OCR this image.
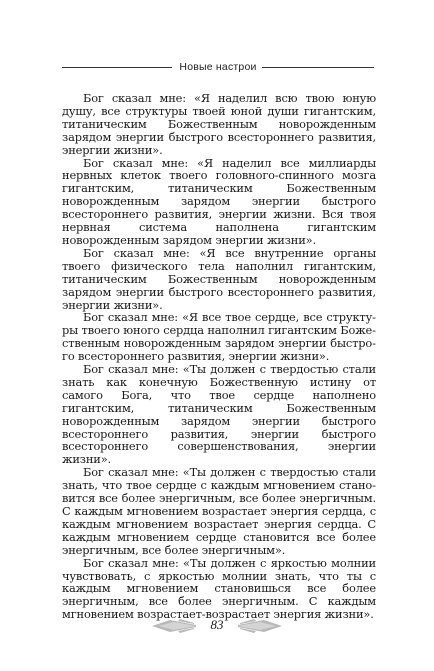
Новые настрои

Бог сказал мне: «Я наделил всю твою юную душу, все структуры твоей юной души гигантским, титаническим Божественным новорожденным зарядом энергии быстрого всестороннего развития, энергии жизни».

Бог сказал мне: «Я наделил все миллиарды нервных клеток твоего головного-спинного мозга гигантским, титаническим Божественным новорожденным зарядом энергии быстрого всестороннего развития, энергии жизни. Вся твоя нервная система наполнена гигантским новорожденным зарядом энергии жизни».

Бог сказал мне: «Я все внутренние органы твоего физического тела наполнил гигантским, титаническим Божественным новорожденным зарядом энергии быстрого всестороннего развития, энергии жизни».

Бог сказал мне: «Я все твое сердце, все структуры твоего юного сердца наполнил гигантским Божественным новорожденным зарядом энергии быстрого всестороннего развития, энергии жизни».

Бог сказал мне: «Ты должен с твердостью стали знать как конечную Божественную истину от самого Бога, что твое сердце наполнено гигантским, титаническим Божественным новорожденным зарядом энергии быстрого всестороннего развития, энергии быстрого всестороннего совершенствования, энергии жизни».

Бог сказал мне: «Ты должен с твердостью стали знать, что твое сердце с каждым мгновением становится все более энергичным, все более энергичным. С каждым мгновением возрастает энергия сердца, с каждым мгновением возрастает энергия сердца. С каждым мгновением сердце становится все более энергичным, все более энергичным».

Бог сказал мне: «Ты должен с яркостью молнии чувствовать, с яркостью молнии знать, что ты с каждым мгновением становишься все более энергичным, все более энергичным. С каждым мгновением возрастает-возрастает энергия жизни».

83
